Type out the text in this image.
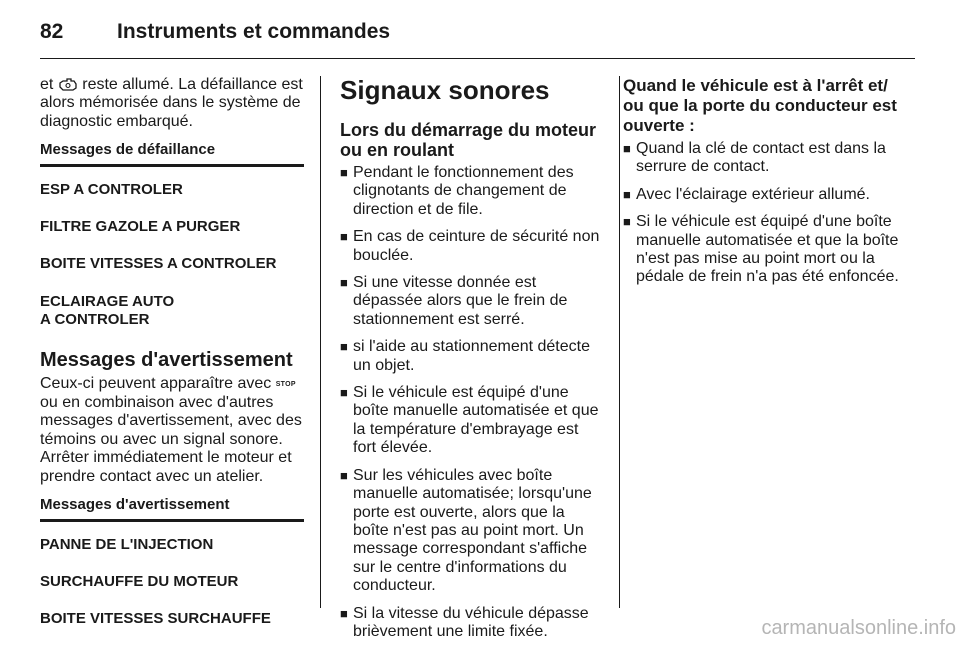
82	Instruments et commandes

et  reste allumé. La défaillance est alors mémorisée dans le système de diagnostic embarqué.

Messages de défaillance
ESP A CONTROLER
FILTRE GAZOLE A PURGER
BOITE VITESSES A CONTROLER
ECLAIRAGE AUTO
A CONTROLER
Messages d'avertissement

Ceux-ci peuvent apparaître avec STOP ou en combinaison avec d'autres messages d'avertissement, avec des témoins ou avec un signal sonore. Arrêter immédiatement le moteur et prendre contact avec un atelier.

Messages d'avertissement
PANNE DE L'INJECTION
SURCHAUFFE DU MOTEUR
BOITE VITESSES SURCHAUFFE
Signaux sonores
Lors du démarrage du moteur ou en roulant
■ Pendant le fonctionnement des clignotants de changement de direction et de file.
■ En cas de ceinture de sécurité non bouclée.
■ Si une vitesse donnée est dépassée alors que le frein de stationnement est serré.
■ si l'aide au stationnement détecte un objet.
■ Si le véhicule est équipé d'une boîte manuelle automatisée et que la température d'embrayage est fort élevée.
■ Sur les véhicules avec boîte manuelle automatisée; lorsqu'une porte est ouverte, alors que la boîte n'est pas au point mort. Un message correspondant s'affiche sur le centre d'informations du conducteur.
■ Si la vitesse du véhicule dépasse brièvement une limite fixée.
Quand le véhicule est à l'arrêt et/ ou que la porte du conducteur est ouverte :
■ Quand la clé de contact est dans la serrure de contact.
■ Avec l'éclairage extérieur allumé.
■ Si le véhicule est équipé d'une boîte manuelle automatisée et que la boîte n'est pas mise au point mort ou la pédale de frein n'a pas été enfoncée.
carmanualsonline.info
